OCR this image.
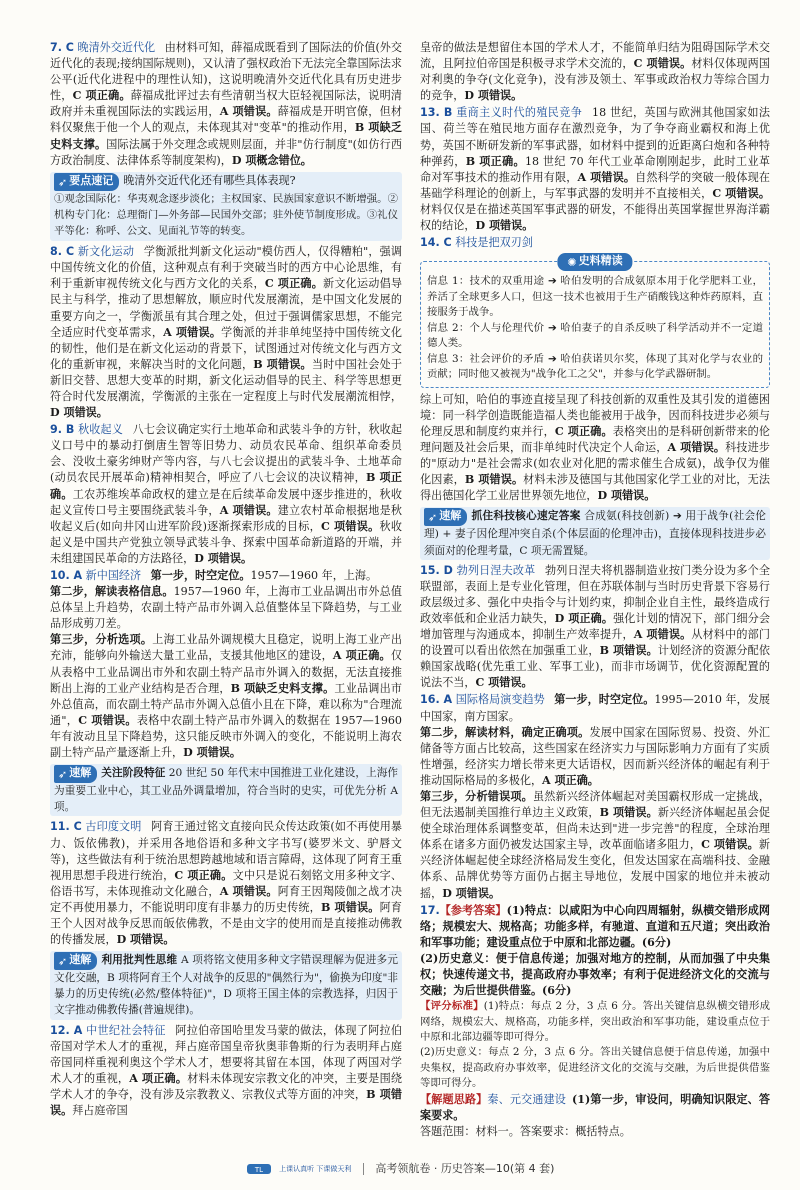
7. C 晚清外交近代化 由材料可知，薛福成既看到了国际法的价值(外交近代化的表现;接纳国际规则)，又认清了强权政治下无法完全靠国际法求公平(近代化进程中的理性认知)，这说明晚清外交近代化具有历史进步性，C 项正确。薛福成批评过去有些清朝当权大臣轻视国际法，说明清政府并未重视国际法的实践运用，A 项错误。薛福成是开明官僚，但材料仅聚焦于他一个人的观点，未体现其对"变革"的推动作用，B 项缺乏史料支撑。国际法属于外交理念或规则层面，并非"仿行制度"(如仿行西方政治制度、法律体系等制度架构)，D 项概念错位。

➶ 要点速记 晚清外交近代化还有哪些具体表现?
①观念国际化：华夷观念逐步淡化；主权国家、民族国家意识不断增强。②机构专门化：总理衙门—外务部—民国外交部；驻外使节制度形成。③礼仪平等化：称呼、公文、见面礼节等的转变。

8. C 新文化运动 学衡派批判新文化运动"模仿西人，仅得糟粕"，强调中国传统文化的价值，这种观点有利于突破当时的西方中心论思维，有利于重新审视传统文化与西方文化的关系，C 项正确。新文化运动倡导民主与科学，推动了思想解放，顺应时代发展潮流，是中国文化发展的重要方向之一，学衡派虽有其合理之处，但过于强调儒家思想，不能完全适应时代变革需求，A 项错误。学衡派的并非单纯坚持中国传统文化的韧性，他们是在新文化运动的背景下，试图通过对传统文化与西方文化的重新审视，来解决当时的文化问题，B 项错误。当时中国社会处于新旧交替、思想大变革的时期，新文化运动倡导的民主、科学等思想更符合时代发展潮流，学衡派的主张在一定程度上与时代发展潮流相悖，D 项错误。

9. B 秋收起义 八七会议确定实行土地革命和武装斗争的方针，秋收起义口号中的暴动打倒唐生智等旧势力、动员农民革命、组织革命委员会、没收土豪劣绅财产等内容，与八七会议提出的武装斗争、土地革命(动员农民开展革命)精神相契合，呼应了八七会议的决议精神，B 项正确。工农苏维埃革命政权的建立是在后续革命发展中逐步推进的，秋收起义宣传口号主要围绕武装斗争，A 项错误。建立农村革命根据地是秋收起义后(如向井冈山进军阶段)逐渐探索形成的目标，C 项错误。秋收起义是中国共产党独立领导武装斗争、探索中国革命新道路的开端，并未组建国民革命的方法路径，D 项错误。

10. A 新中国经济 第一步，时空定位。1957—1960 年，上海。
第二步，解读表格信息。1957—1960 年，上海市工业品调出市外总值总体呈上升趋势，农副土特产品市外调入总值整体呈下降趋势，与工业品形成剪刀差。
第三步，分析选项。上海工业品外调规模大且稳定，说明上海工业产出充沛，能够向外输送大量工业品，支援其他地区的建设，A 项正确。仅从表格中工业品调出市外和农副土特产品市外调入的数据，无法直接推断出上海的工业产业结构是否合理，B 项缺乏史料支撑。工业品调出市外总值高，而农副土特产品市外调入总值小且在下降，难以称为"合理流通"，C 项错误。表格中农副土特产品市外调入的数据在 1957—1960 年有波动且呈下降趋势，这只能反映市外调入的变化，不能说明上海农副土特产品产量逐渐上升，D 项错误。

➶ 速解 关注阶段特征 20 世纪 50 年代末中国推进工业化建设，上海作为重要工业中心，其工业品外调量增加，符合当时的史实，可优先分析 A 项。

11. C 古印度文明 阿育王通过铭文直接向民众传达政策(如不再使用暴力、饭依佛教)，并采用各地俗语和多种文字书写(婆罗米文、驴唇文等)，这些做法有利于统治思想跨越地域和语言障碍，这体现了阿育王重视用思想手段进行统治，C 项正确。文中只是说石刻铭文用多种文字、俗语书写，未体现推动文化融合，A 项错误。阿育王因羯陵伽之战才决定不再使用暴力，不能说明印度有非暴力的历史传统，B 项错误。阿育王个人因对战争反思而皈依佛教，不是由文字的使用而是直接推动佛教的传播发展，D 项错误。

➶ 速解 利用批判性思维 A 项将铭文使用多种文字错误理解为促进多元文化交融，B 项将阿育王个人对战争的反思的"偶然行为"，偷换为印度"非暴力的历史传统(必然/整体特征)"，D 项将王国主体的宗教选择，归因于文字推动佛教传播(普遍规律)。

12. A 中世纪社会特征 阿拉伯帝国哈里发马蒙的做法，体现了阿拉伯帝国对学术人才的重视，拜占庭帝国皇帝狄奥菲鲁斯的行为表明拜占庭帝国同样重视利奥这个学术人才，想要将其留在本国，体现了两国对学术人才的重视，A 项正确。材料未体现安宗教文化的冲突，主要是围绕学术人才的争夺，没有涉及宗教教义、宗教仪式等方面的冲突，B 项错误。拜占庭帝国

皇帝的做法是想留住本国的学术人才，不能简单归结为阻碍国际学术交流，且阿拉伯帝国是积极寻求学术交流的，C 项错误。材料仅体现两国对利奥的争夺(文化竞争)，没有涉及领土、军事或政治权力等综合国力的竞争，D 项错误。

13. B 重商主义时代的殖民竞争 18 世纪，英国与欧洲其他国家如法国、荷兰等在殖民地方面存在激烈竞争，为了争夺商业霸权和海上优势，英国不断研发新的军事武器，如材料中提到的近距离臼炮和各种特种弹药，B 项正确。18 世纪 70 年代工业革命刚刚起步，此时工业革命对军事技术的推动作用有限，A 项错误。自然科学的突破一般体现在基础学科理论的创新上，与军事武器的发明并不直接相关，C 项错误。材料仅仅是在描述英国军事武器的研发，不能得出英国掌握世界海洋霸权的结论，D 项错误。

14. C 科技是把双刃剑

✺ 史料精读
信息 1：技术的双重用途 ➔ 哈伯发明的合成氨原本用于化学肥料工业，养活了全球更多人口，但这一技术也被用于生产硝酸钱这种炸药原料，直接服务于战争。
信息 2：个人与伦理代价 ➔ 哈伯妻子的自杀反映了科学活动并不一定道德人类。
信息 3：社会评价的矛盾 ➔ 哈伯获诺贝尔奖，体现了其对化学与农业的贡献；同时他又被视为"战争化工之父"，并参与化学武器研制。

综上可知，哈伯的事迹直接呈现了科技创新的双重性及其引发的道德困境：同一科学创造既能造福人类也能被用于战争，因而科技进步必须与伦理反思和制度约束并行，C 项正确。表格突出的是科研创新带来的伦理问题及社会后果，而非单纯时代决定个人命运，A 项错误。科技进步的"原动力"是社会需求(如农业对化肥的需求催生合成氨)，战争仅为催化因素，B 项错误。材料未涉及德国与其他国家化学工业的对比，无法得出德国化学工业居世界领先地位，D 项错误。

➶ 速解 抓住科技核心速定答案 合成氨(科技创新) ➔ 用于战争(社会伦理) + 妻子因伦理冲突自杀(个体层面的伦理冲击)，直接体现科技进步必须面对的伦理考量，C 项无需置疑。

15. D 勃列日涅夫改革 勃列日涅夫将机器制造业按门类分设为多个全联盟部，表面上是专业化管理，但在苏联体制与当时历史背景下容易行政层级过多、强化中央指令与计划约束，抑制企业自主性，最终造成行政效率低和企业活力缺失，D 项正确。强化计划的情况下，部门细分会增加管理与沟通成本，抑制生产效率提升，A 项错误。从材料中的部门的设置可以看出依然在加强重工业，B 项错误。计划经济的资源分配依赖国家战略(优先重工业、军事工业)，而非市场调节，优化资源配置的说法不当，C 项错误。

16. A 国际格局演变趋势 第一步，时空定位。1995—2010 年，发展中国家，南方国家。
第二步，解读材料，确定正确项。发展中国家在国际贸易、投资、外汇储备等方面占比较高，这些国家在经济实力与国际影响力方面有了实质性增强，经济实力增长带来更大话语权，因而新兴经济体的崛起有利于推动国际格局的多极化，A 项正确。
第三步，分析错误项。虽然新兴经济体崛起对美国霸权形成一定挑战，但无法遏制美国推行单边主义政策，B 项错误。新兴经济体崛起虽会促使全球治理体系调整变革，但尚未达到"进一步完善"的程度，全球治理体系在诸多方面仍被发达国家主导，改革面临诸多阻力，C 项错误。新兴经济体崛起使全球经济格局发生变化，但发达国家在高端科技、金融体系、品牌优势等方面仍占据主导地位，发展中国家的地位并未被动摇，D 项错误。

17.【参考答案】(1)特点：以咸阳为中心向四周辐射，纵横交错形成网络；规模宏大、规格高；功能多样，有驰道、直道和五尺道；突出政治和军事功能；建设重点位于中原和北部边疆。(6分)
(2)历史意义：便于信息传递；加强对地方的控制，从而加强了中央集权；快速传递文书，提高政府办事效率；有利于促进经济文化的交流与交融；为后世提供借鉴。(6分)

【评分标准】(1)特点：每点 2 分，3 点 6 分。答出关键信息纵横交错形成网络，规模宏大、规格高，功能多样，突出政治和军事功能，建设重点位于中原和北部边疆等即可得分。
(2)历史意义：每点 2 分，3 点 6 分。答出关键信息便于信息传递，加强中央集权，提高政府办事效率，促进经济文化的交流与交融，为后世提供借鉴等即可得分。
【解题思路】秦、元交通建设 (1)第一步，审设问，明确知识限定、答案要求。
答题范围：材料一。答案要求：概括特点。
TL 上课认真听 下课做天利 高考领航卷 · 历史答案—10(第 4 套)
